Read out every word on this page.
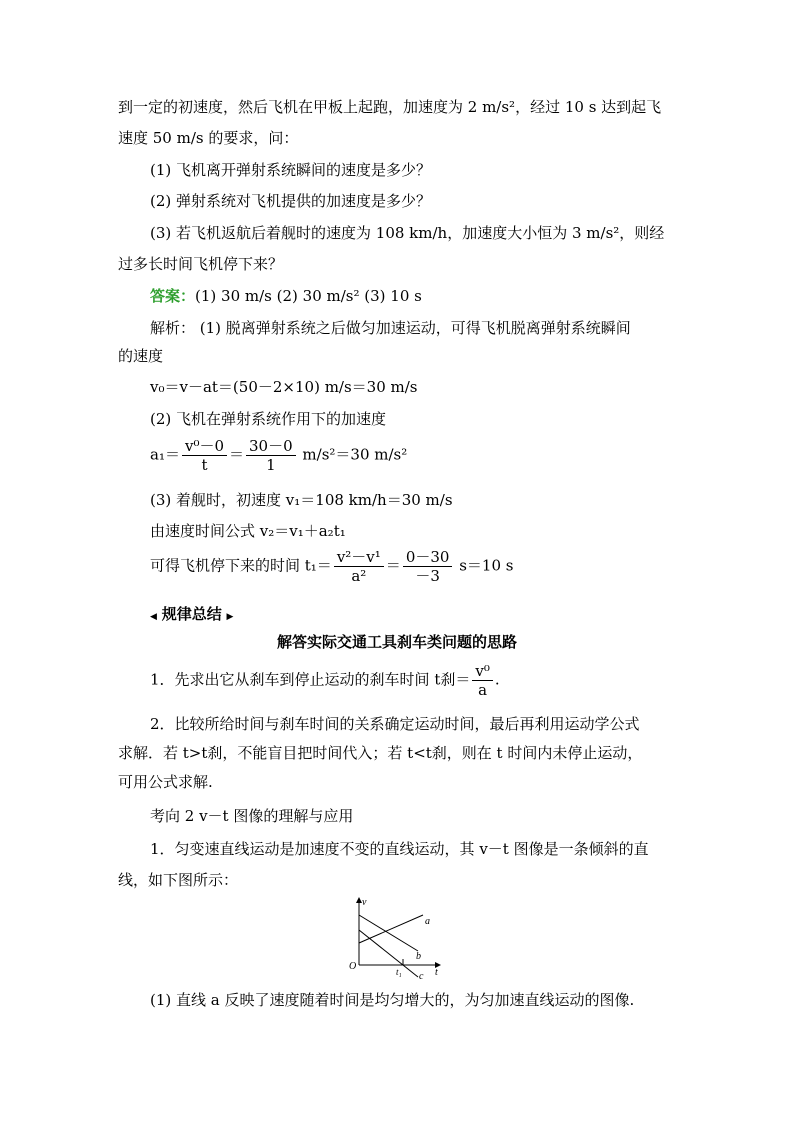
到一定的初速度，然后飞机在甲板上起跑，加速度为 2 m/s²，经过 10 s 达到起飞
速度 50 m/s 的要求，问：
(1) 飞机离开弹射系统瞬间的速度是多少？
(2) 弹射系统对飞机提供的加速度是多少？
(3) 若飞机返航后着舰时的速度为 108 km/h，加速度大小恒为 3 m/s²，则经
过多长时间飞机停下来？
答案：(1) 30 m/s (2) 30 m/s² (3) 10 s
解析： (1) 脱离弹射系统之后做匀加速运动，可得飞机脱离弹射系统瞬间
的速度
v₀＝v－at＝(50－2×10) m/s＝30 m/s
(2) 飞机在弹射系统作用下的加速度
$a_1= \frac{\text{v⁰－0}}{t} = \frac{30-0}{1} m/s^2=30$ m/s²
(3) 着舰时，初速度 v₁＝108 km/h＝30 m/s
由速度时间公式 v₂＝v₁＋a₂t₁
可得飞机停下来的时间 $t_1= \frac{\text{v²－v¹}}{\text{a²}} = \frac{0-30}{-3} s=10$ s
◀ 规律总结 ▶
解答实际交通工具刹车类问题的思路
1．先求出它从刹车到停止运动的刹车时间 t刹＝ $\frac{\text{v⁰}}{a}$ .
2．比较所给时间与刹车时间的关系确定运动时间，最后再利用运动学公式
求解．若 t>t刹，不能盲目把时间代入；若 t<t刹，则在 t 时间内未停止运动，
可用公式求解.
考向 2 v－t 图像的理解与应用
1．匀变速直线运动是加速度不变的直线运动，其 v－t 图像是一条倾斜的直
线，如下图所示：
v
t
O
a
b
c
t₁
(1) 直线 a 反映了速度随着时间是均匀增大的，为匀加速直线运动的图像.
